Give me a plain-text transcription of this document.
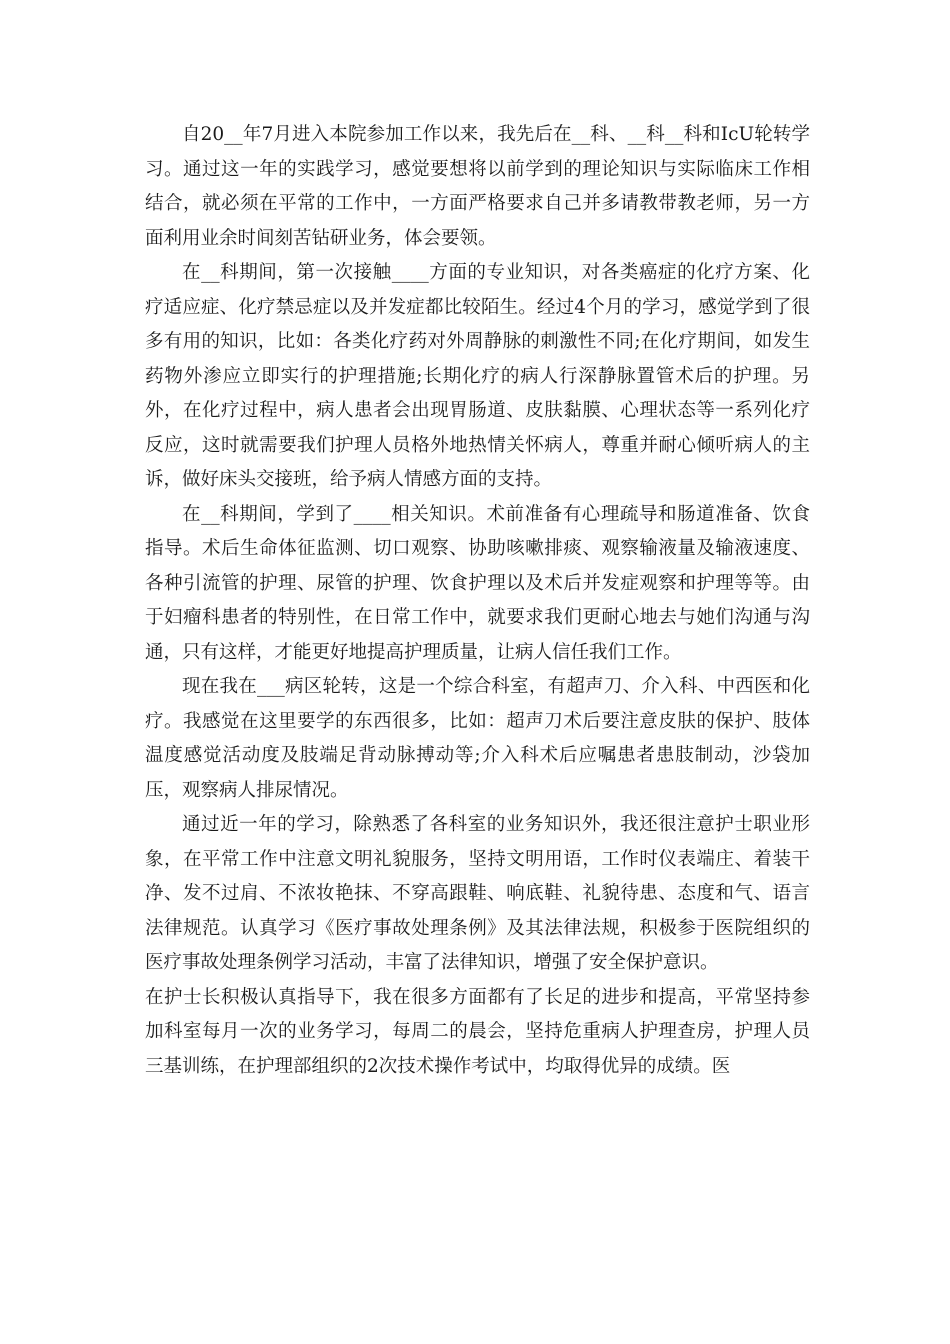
自20__年7月进入本院参加工作以来，我先后在__科、__科__科和IcU轮转学习。通过这一年的实践学习，感觉要想将以前学到的理论知识与实际临床工作相结合，就必须在平常的工作中，一方面严格要求自己并多请教带教老师，另一方面利用业余时间刻苦钻研业务，体会要领。

在__科期间，第一次接触____方面的专业知识，对各类癌症的化疗方案、化疗适应症、化疗禁忌症以及并发症都比较陌生。经过4个月的学习，感觉学到了很多有用的知识，比如：各类化疗药对外周静脉的刺激性不同;在化疗期间，如发生药物外渗应立即实行的护理措施;长期化疗的病人行深静脉置管术后的护理。另外，在化疗过程中，病人患者会出现胃肠道、皮肤黏膜、心理状态等一系列化疗反应，这时就需要我们护理人员格外地热情关怀病人，尊重并耐心倾听病人的主诉，做好床头交接班，给予病人情感方面的支持。

在__科期间，学到了____相关知识。术前准备有心理疏导和肠道准备、饮食指导。术后生命体征监测、切口观察、协助咳嗽排痰、观察输液量及输液速度、各种引流管的护理、尿管的护理、饮食护理以及术后并发症观察和护理等等。由于妇瘤科患者的特别性，在日常工作中，就要求我们更耐心地去与她们沟通与沟通，只有这样，才能更好地提高护理质量，让病人信任我们工作。

现在我在___病区轮转，这是一个综合科室，有超声刀、介入科、中西医和化疗。我感觉在这里要学的东西很多，比如：超声刀术后要注意皮肤的保护、肢体温度感觉活动度及肢端足背动脉搏动等;介入科术后应嘱患者患肢制动，沙袋加压，观察病人排尿情况。

通过近一年的学习，除熟悉了各科室的业务知识外，我还很注意护士职业形象，在平常工作中注意文明礼貌服务，坚持文明用语，工作时仪表端庄、着装干净、发不过肩、不浓妆艳抹、不穿高跟鞋、响底鞋、礼貌待患、态度和气、语言法律规范。认真学习《医疗事故处理条例》及其法律法规，积极参于医院组织的医疗事故处理条例学习活动，丰富了法律知识，增强了安全保护意识。

在护士长积极认真指导下，我在很多方面都有了长足的进步和提高，平常坚持参加科室每月一次的业务学习，每周二的晨会，坚持危重病人护理查房，护理人员三基训练，在护理部组织的2次技术操作考试中，均取得优异的成绩。医
